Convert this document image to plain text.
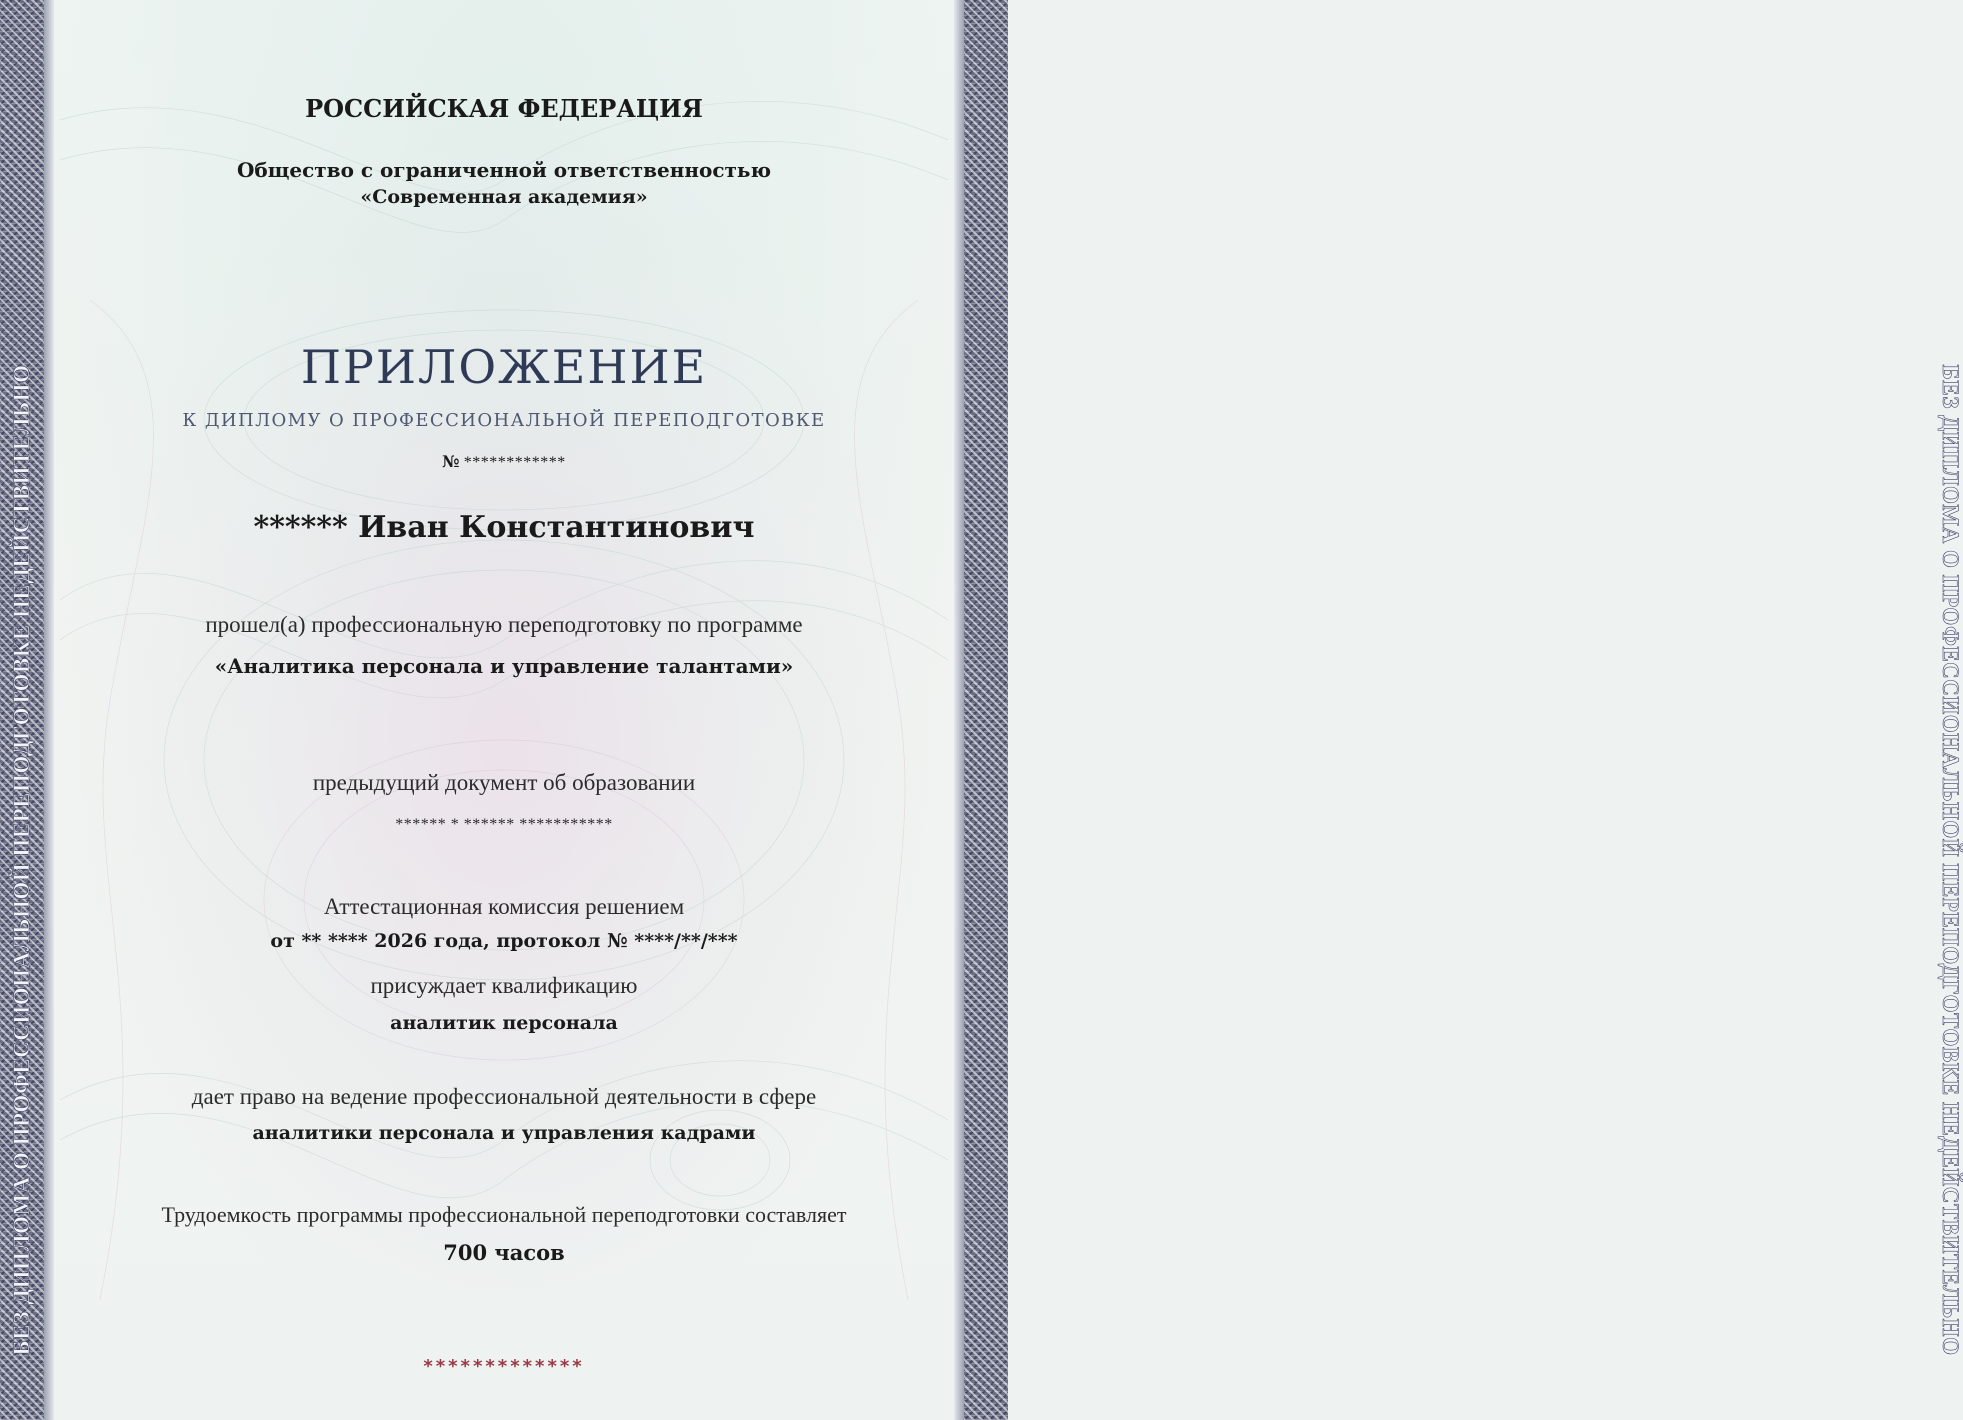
БЕЗ ДИПЛОМА О ПРОФЕССИОНАЛЬНОЙ ПЕРЕПОДГОТОВКЕ НЕДЕЙСТВИТЕЛЬНО	БЕЗ ДИПЛОМА О ПРОФЕССИОНАЛЬНОЙ ПЕРЕПОДГОТОВКЕ НЕДЕЙСТВИТЕЛЬНО
РОССИЙСКАЯ ФЕДЕРАЦИЯ
Общество с ограниченной ответственностью
«Современная академия»
ПРИЛОЖЕНИЕ
К ДИПЛОМУ О ПРОФЕССИОНАЛЬНОЙ ПЕРЕПОДГОТОВКЕ
№ ************
****** Иван Константинович
прошел(а) профессиональную переподготовку по программе
«Аналитика персонала и управление талантами»
предыдущий документ об образовании
****** * ****** ***********
Аттестационная комиссия решением
от ** **** 2026 года, протокол № ****/**/***
присуждает квалификацию
аналитик персонала
дает право на ведение профессиональной деятельности в сфере
аналитики персонала и управления кадрами
Трудоемкость программы профессиональной переподготовки составляет
700 часов
*************
